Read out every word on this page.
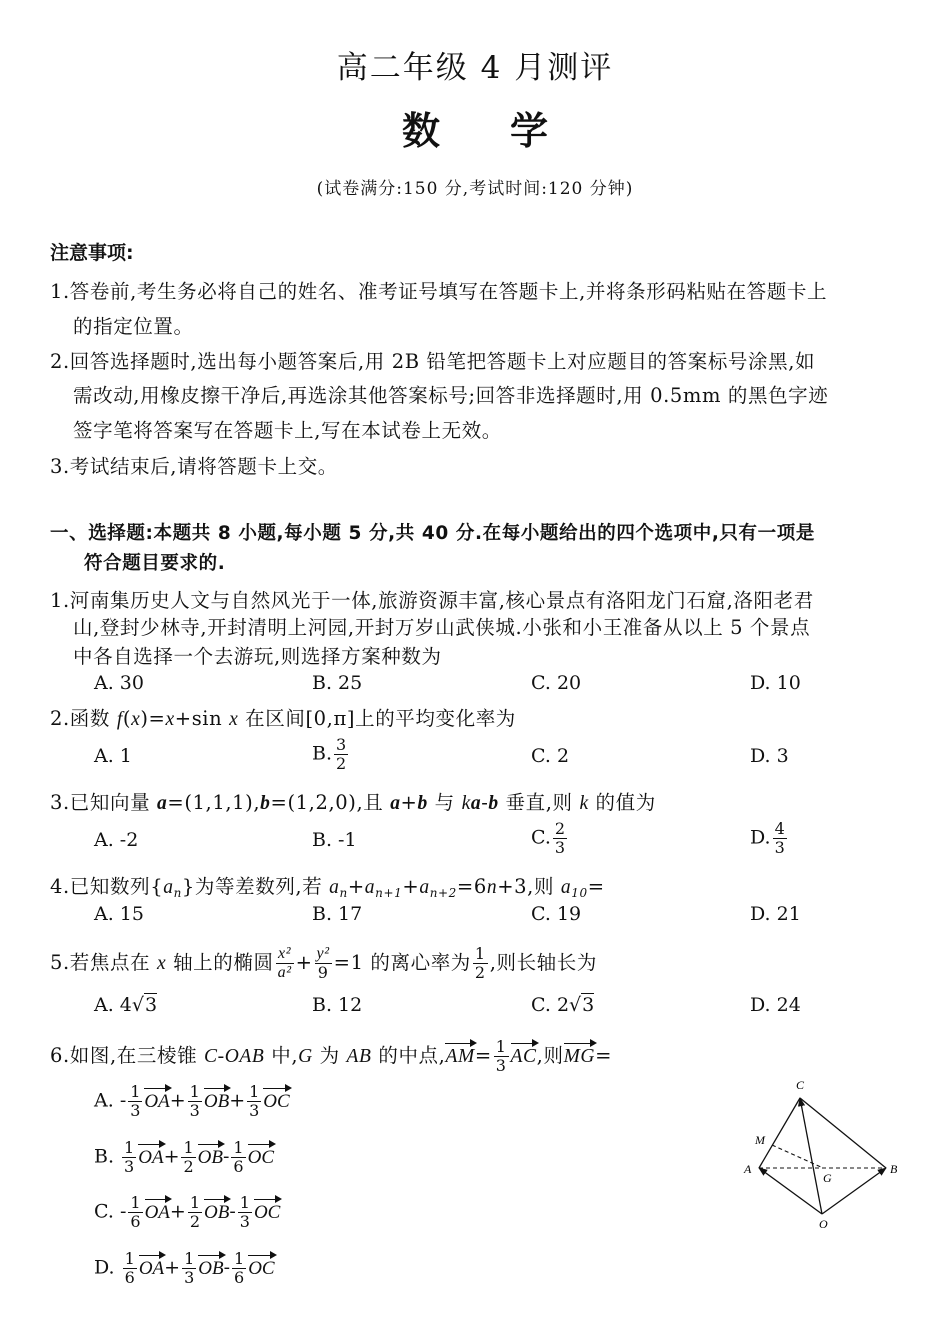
高二年级 4 月测评
数 学
(试卷满分:150 分,考试时间:120 分钟)
注意事项:
1.答卷前,考生务必将自己的姓名、准考证号填写在答题卡上,并将条形码粘贴在答题卡上
的指定位置。
2.回答选择题时,选出每小题答案后,用 2B 铅笔把答题卡上对应题目的答案标号涂黑,如
需改动,用橡皮擦干净后,再选涂其他答案标号;回答非选择题时,用 0.5mm 的黑色字迹
签字笔将答案写在答题卡上,写在本试卷上无效。
3.考试结束后,请将答题卡上交。
一、选择题:本题共 8 小题,每小题 5 分,共 40 分.在每小题给出的四个选项中,只有一项是
符合题目要求的.
1.河南集历史人文与自然风光于一体,旅游资源丰富,核心景点有洛阳龙门石窟,洛阳老君
山,登封少林寺,开封清明上河园,开封万岁山武侠城.小张和小王准备从以上 5 个景点
中各自选择一个去游玩,则选择方案种数为
A. 30	B. 25	C. 20	D. 10
2.函数 f(x)=x+sin x 在区间[0,π]上的平均变化率为
A. 1	B. $\frac{3}{2}$	C. 2	D. 3
3.已知向量 a=(1,1,1),b=(1,2,0),且 a+b 与 ka-b 垂直,则 k 的值为
A. -2	B. -1	C. $\frac{2}{3}$	D. $\frac{4}{3}$
4.已知数列$\{a_n\}$为等差数列,若 $a_n+a_{n+1}+a_{n+2}=6n+3$,则 $a_{10}=$
A. 15	B. 17	C. 19	D. 21
5.若焦点在 x 轴上的椭圆 $\frac{\text{x²}}{\text{a²}} + \frac{\text{y²}}{9} =1$ 的离心率为 $\frac{1}{2}$ ,则长轴长为
A. 4√3	B. 12	C. 2√3	D. 24
6.如图,在三棱锥 C-OAB 中,G 为 AB 的中点$,AM= \frac{1}{3}$ AC,则MG=
A. - $\frac{1}{3} OA+ \frac{1}{3} OB+ \frac{1}{3}$ OC
B. $\frac{1}{3} OA+ \frac{1}{2} OB- \frac{1}{6}$ OC
C. - $\frac{1}{6} OA+ \frac{1}{2} OB- \frac{1}{3}$ OC
D. $\frac{1}{6} OA+ \frac{1}{3} OB- \frac{1}{6}$ OC
C
M
A
G
B
O
